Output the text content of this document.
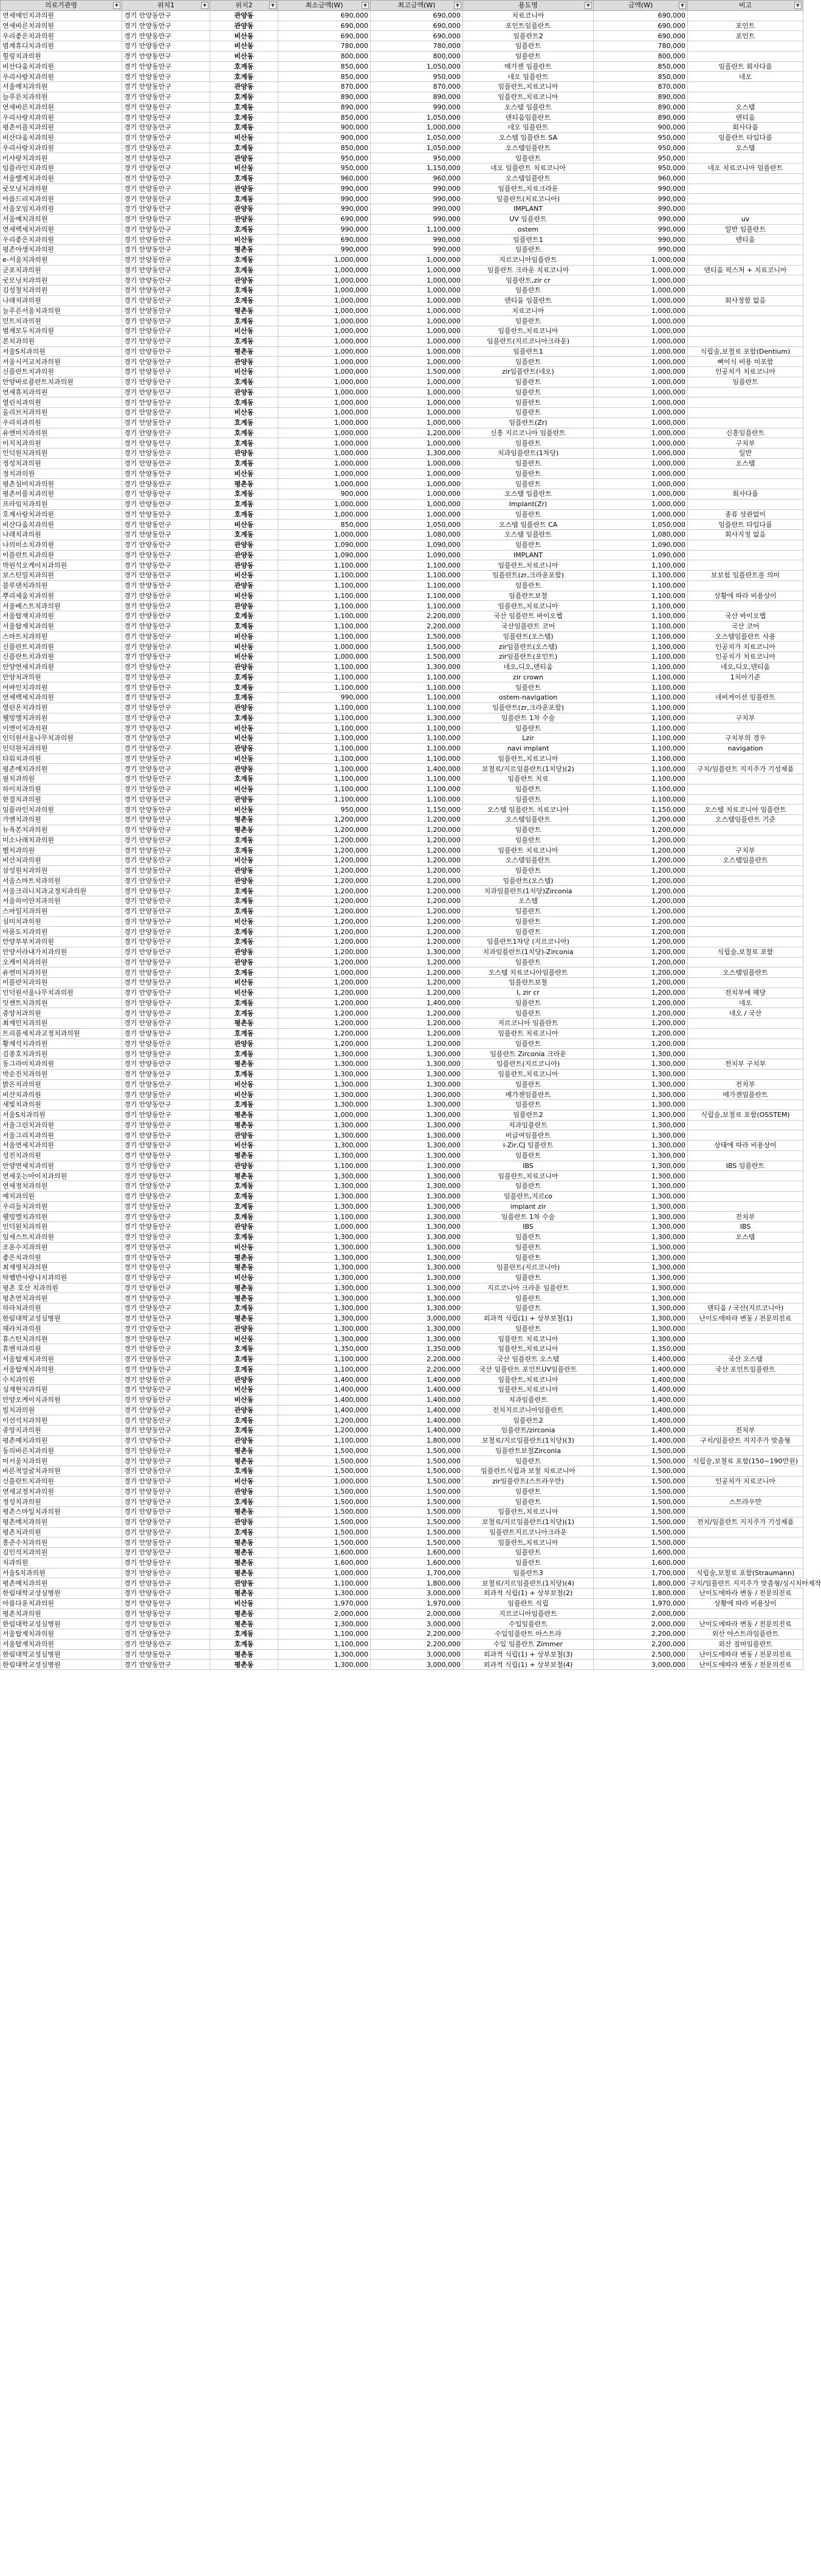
의료기관명 ▼	위치1 ▼	위치2 ▼	최소금액(W) ▼	최고금액(W) ▼	용도명 ▼	금액(W) ▼	비고 ▼

연세메인치과의원	경기 안양동안구	관양동	690,000	690,000	치료코니아	690,000	
연세바른치과의원	경기 안양동안구	관양동	690,000	690,000	포인트임플란트	690,000	포인트
우리좋은치과의원	경기 안양동안구	비산동	690,000	690,000	임플란트2	690,000	포인트
범계휴디치과의원	경기 안양동안구	비산동	780,000	780,000	임플란트	780,000	
힐링치과의원	경기 안양동안구	비산동	800,000	800,000	임플란트	800,000	
비산다움치과의원	경기 안양동안구	호계동	850,000	1,050,000	메가젠 임플란트	850,000	임플란트 회사다름
우리사랑치과의원	경기 안양동안구	호계동	850,000	950,000	네오 임플란트	850,000	네오
서울예치과의원	경기 안양동안구	관양동	870,000	870,000	임플란트,치료코니아	870,000	
늘푸른치과의원	경기 안양동안구	호계동	890,000	890,000	임플란트,치료코니아	890,000	
연세바른치과의원	경기 안양동안구	호계동	890,000	990,000	오스템 임플란트	890,000	오스템
우리사랑치과의원	경기 안양동안구	호계동	850,000	1,050,000	덴티움임플란트	890,000	덴티움
평촌이플치과의원	경기 안양동안구	호계동	900,000	1,000,000	네오 임플란트	900,000	회사다름
비산다움치과의원	경기 안양동안구	비산동	900,000	1,050,000	오스템 임플란트 SA	950,000	임플란트 타입다름
우리사랑치과의원	경기 안양동안구	호계동	850,000	1,050,000	오스템임플란트	950,000	오스템
이사랑치과의원	경기 안양동안구	관양동	950,000	950,000	임플란트	950,000	
임플라인치과의원	경기 안양동안구	비산동	950,000	1,150,000	네오 임플란트 치료코니아	950,000	네오 치료코니아 임플란트
서울밸게치과의원	경기 안양동안구	호계동	960,000	960,000	오스템임플란트	960,000	
굿모닝치과의원	경기 안양동안구	관양동	990,000	990,000	임플란트,치료크라운	990,000	
아름드리치과의원	경기 안양동안구	호계동	990,000	990,000	임플란트(치료코니아)	990,000	
서울모임치과의원	경기 안양동안구	관양동	990,000	990,000	IMPLANT	990,000	
서울예치과의원	경기 안양동안구	관양동	690,000	990,000	UV 임플란트	990,000	uv
연세백세치과의원	경기 안양동안구	호계동	990,000	1,100,000	ostem	990,000	일반 임플란트
우리좋은치과의원	경기 안양동안구	비산동	690,000	990,000	임플란트1	990,000	덴티움
평촌아생치과의원	경기 안양동안구	평촌동	990,000	990,000	임플란트	990,000	
e-서울치과의원	경기 안양동안구	호계동	1,000,000	1,000,000	지르코니아임플란트	1,000,000	
군포치과의원	경기 안양동안구	호계동	1,000,000	1,000,000	임플란트 크라운 치료코니아	1,000,000	덴티움 픽스처 + 치료코니아
굿모닝치과의원	경기 안양동안구	관양동	1,000,000	1,000,000	임플란트,zir cr	1,000,000	
김성철치과의원	경기 안양동안구	호계동	1,000,000	1,000,000	임플란트	1,000,000	
나래치과의원	경기 안양동안구	호계동	1,000,000	1,000,000	덴티움 임플란트	1,000,000	회사정함 없음
늘푸른서울치과의원	경기 안양동안구	평촌동	1,000,000	1,000,000	치료코니아	1,000,000	
민트치과의원	경기 안양동안구	호계동	1,000,000	1,000,000	임플란트	1,000,000	
범계모두치과의원	경기 안양동안구	비산동	1,000,000	1,000,000	임플란트,치료코니아	1,000,000	
본치과의원	경기 안양동안구	호계동	1,000,000	1,000,000	임플란트(지르코니아크라운)	1,000,000	
서울S치과의원	경기 안양동안구	평촌동	1,000,000	1,000,000	임플란트1	1,000,000	식립술,보철료 포함(Dentium)
서울시커교치과의원	경기 안양동안구	관양동	1,000,000	1,000,000	임플란트	1,000,000	뼈이식 비용 미포함
신플란트치과의원	경기 안양동안구	비산동	1,000,000	1,500,000	zir임플란트(네오)	1,000,000	인공치가 치료코니아
안양바로플란트치과의원	경기 안양동안구	호계동	1,000,000	1,000,000	임플란트	1,000,000	임플란트
연세휴치과의원	경기 안양동안구	관양동	1,000,000	1,000,000	임플란트	1,000,000	
열린치과의원	경기 안양동안구	호계동	1,000,000	1,000,000	임플란트	1,000,000	
올리브치과의원	경기 안양동안구	비산동	1,000,000	1,000,000	임플란트	1,000,000	
우리치과의원	경기 안양동안구	호계동	1,000,000	1,000,000	임플란트(Zr)	1,000,000	
유엔미치과의원	경기 안양동안구	호계동	1,000,000	1,200,000	신흥 지르코니아 임플란트	1,000,000	신흥임플란트
이지치과의원	경기 안양동안구	호계동	1,000,000	1,000,000	임플란트	1,000,000	구치부
인덕원치과의원	경기 안양동안구	관양동	1,000,000	1,300,000	치과임플란트(1차당)	1,000,000	일반
정성치과의원	경기 안양동안구	호계동	1,000,000	1,000,000	임플란트	1,000,000	오스템
정치과의원	경기 안양동안구	비산동	1,000,000	1,000,000	임플란트	1,000,000	
평촌심미치과의원	경기 안양동안구	평촌동	1,000,000	1,000,000	임플란트	1,000,000	
평촌이플치과의원	경기 안양동안구	호계동	900,000	1,000,000	오스템 임플란트	1,000,000	회사다름
프라임치과의원	경기 안양동안구	호계동	1,000,000	1,000,000	Implant(Zr)	1,000,000	
호계사랑치과의원	경기 안양동안구	호계동	1,000,000	1,000,000	임플란트	1,000,000	종류 상관없이
비산다움치과의원	경기 안양동안구	비산동	850,000	1,050,000	오스템 임플란트 CA	1,050,000	임플란트 타입다름
나래치과의원	경기 안양동안구	호계동	1,000,000	1,080,000	오스템 임플란트	1,080,000	회사지정 없음
나의미소치과의원	경기 안양동안구	관양동	1,090,000	1,090,000	임플란트	1,090,000	
이플란트치과의원	경기 안양동안구	관양동	1,090,000	1,090,000	IMPLANT	1,090,000	
박원석오케이치과의원	경기 안양동안구	관양동	1,100,000	1,100,000	임플란트,치료코니아	1,100,000	
보스턴밀치과의원	경기 안양동안구	비산동	1,100,000	1,100,000	임플란트(zr,크라운포함)	1,100,000	보보험 임플란트를 의미
블루덴치과의원	경기 안양동안구	관양동	1,100,000	1,100,000	임플란트	1,100,000	
뿌리세움치과의원	경기 안양동안구	비산동	1,100,000	1,100,000	임플란트보철	1,100,000	상황에 따라 비용상이
서울베스트치과의원	경기 안양동안구	관양동	1,100,000	1,100,000	임플란트,치료코니아	1,100,000	
서울탑재치과의원	경기 안양동안구	호계동	1,100,000	2,200,000	국산 임플란트 바이오헵	1,100,000	국산 바이오헵
서울탑재치과의원	경기 안양동안구	호계동	1,100,000	2,200,000	국산임플란트 코어	1,100,000	국산 코어
스마트치과의원	경기 안양동안구	비산동	1,100,000	1,500,000	임플란트(오스템)	1,100,000	오스템임플란트 사용
신플란트치과의원	경기 안양동안구	비산동	1,000,000	1,500,000	zir임플란트(오스템)	1,100,000	인공치가 치료코니아
신플란트치과의원	경기 안양동안구	비산동	1,000,000	1,500,000	zir임플란트(포인트)	1,100,000	인공치가 치료코니아
안양연세치과의원	경기 안양동안구	관양동	1,100,000	1,300,000	네오,디오,덴티움	1,100,000	네오,디오,덴티움
안양치과의원	경기 안양동안구	호계동	1,100,000	1,100,000	zir crown	1,100,000	1치아기준
어바인치과의원	경기 안양동안구	호계동	1,100,000	1,100,000	임플란트	1,100,000	
연세백세치과의원	경기 안양동안구	호계동	990,000	1,100,000	ostem-navigation	1,100,000	네비게이션 임플란트
열린온치과의원	경기 안양동안구	관양동	1,100,000	1,100,000	임플란트(zr,크라운포함)	1,100,000	
웰빙엘치과의원	경기 안양동안구	호계동	1,100,000	1,300,000	임플란트 1차 수술	1,100,000	구치부
이엔이치과의원	경기 안양동안구	비산동	1,100,000	1,100,000	임플란트	1,100,000	
인덕원서울나무치과의원	경기 안양동안구	비산동	1,100,000	1,100,000	Lzir	1,100,000	구치부의 경우
인덕원치과의원	경기 안양동안구	관양동	1,100,000	1,100,000	navi implant	1,100,000	navigation
타워치과의원	경기 안양동안구	비산동	1,100,000	1,100,000	임플란트,치료코니아	1,100,000	
평촌예치과의원	경기 안양동안구	관양동	1,100,000	1,400,000	보철료/지르임플란트(1치당)(2)	1,100,000	구치/임플란트 지지주가 기성제품
필치과의원	경기 안양동안구	호계동	1,100,000	1,100,000	임플란트 치료	1,100,000	
하이치과의원	경기 안양동안구	비산동	1,100,000	1,100,000	임플란트	1,100,000	
한결치과의원	경기 안양동안구	관양동	1,100,000	1,100,000	임플란트	1,100,000	
임플라인치과의원	경기 안양동안구	비산동	950,000	1,150,000	오스템 임플란트 치료코니아	1,150,000	오스템 치료코니아 임플란트
가엔치과의원	경기 안양동안구	평촌동	1,200,000	1,200,000	오스템임플란트	1,200,000	오스템임플란트 기준
뉴욕본치과의원	경기 안양동안구	평촌동	1,200,000	1,200,000	임플란트	1,200,000	
미소나래치과의원	경기 안양동안구	호계동	1,200,000	1,200,000	임플란트	1,200,000	
벨치과의원	경기 안양동안구	호계동	1,200,000	1,200,000	임플란트 치료코니아	1,200,000	구치부
비산치과의원	경기 안양동안구	비산동	1,200,000	1,200,000	오스템임플란트	1,200,000	오스템임플란트
삼성원치과의원	경기 안양동안구	관양동	1,200,000	1,200,000	임플란트	1,200,000	
서울스마트치과의원	경기 안양동안구	관양동	1,200,000	1,200,000	임플란트(오스템)	1,200,000	
서울크리니치과교정치과의원	경기 안양동안구	호계동	1,200,000	1,200,000	치과임플란트(1치당)Zirconia	1,200,000	
서울하이얀치과의원	경기 안양동안구	호계동	1,200,000	1,200,000	오스템	1,200,000	
스마일치과의원	경기 안양동안구	호계동	1,200,000	1,200,000	임플란트	1,200,000	
심미치과의원	경기 안양동안구	비산동	1,200,000	1,200,000	임플란트	1,200,000	
아륜도치과의원	경기 안양동안구	호계동	1,200,000	1,200,000	임플란트	1,200,000	
안양부부치과의원	경기 안양동안구	호계동	1,200,000	1,200,000	임플란트1차당 (지르코니아)	1,200,000	
안양서라내가치과의원	경기 안양동안구	관양동	1,200,000	1,300,000	치과임플란트(1치당)-Zirconia	1,200,000	식립술,보철료 포함
오케이치과의원	경기 안양동안구	관양동	1,200,000	1,200,000	임플란트	1,200,000	
유엔미치과의원	경기 안양동안구	호계동	1,000,000	1,200,000	오스템 치료코니아임플란트	1,200,000	오스템임플란트
이플란치과의원	경기 안양동안구	비산동	1,200,000	1,200,000	임플란트보철	1,200,000	
인덕원서울나무치과의원	경기 안양동안구	비산동	1,200,000	1,200,000	I, zir cr	1,200,000	전치부에 해당
잇센트치과의원	경기 안양동안구	호계동	1,200,000	1,400,000	임플란트	1,200,000	네오
중앙치과의원	경기 안양동안구	호계동	1,200,000	1,200,000	임플란트	1,200,000	네오 / 국산
최재민치과의원	경기 안양동안구	평촌동	1,200,000	1,200,000	지르코니아 임플란트	1,200,000	
트리플세치과교정치과의원	경기 안양동안구	호계동	1,200,000	1,200,000	임플란트 치료코니아	1,200,000	
황재석치과의원	경기 안양동안구	관양동	1,200,000	1,200,000	임플란트	1,200,000	
김종호치과의원	경기 안양동안구	호계동	1,300,000	1,300,000	임플란트 Zirconia 크라운	1,300,000	
동그라미치과의원	경기 안양동안구	평촌동	1,300,000	1,300,000	임플란트(지르코니아)	1,300,000	전치부 구치부
박순진치과의원	경기 안양동안구	호계동	1,300,000	1,300,000	임플란트,치료코니아	1,300,000	
밝은치과의원	경기 안양동안구	비산동	1,300,000	1,300,000	임플란트	1,300,000	전치부
비산치과의원	경기 안양동안구	비산동	1,300,000	1,300,000	메가젠임플란트	1,300,000	메가젠임플란트
새빛치과의원	경기 안양동안구	호계동	1,300,000	1,300,000	임플란트	1,300,000	
서울S치과의원	경기 안양동안구	평촌동	1,000,000	1,300,000	임플란트2	1,300,000	식립술,보철료 포함(OSSTEM)
서울그린치과의원	경기 안양동안구	평촌동	1,300,000	1,300,000	치과임플란트	1,300,000	
서울그리치과의원	경기 안양동안구	관양동	1,300,000	1,300,000	비급여임플란트	1,300,000	
서울연세치과의원	경기 안양동안구	비산동	1,300,000	1,300,000	i-Zir,CJ 임플란트	1,300,000	상태에 따라 비용상이
성진치과의원	경기 안양동안구	평촌동	1,300,000	1,300,000	임플란트	1,300,000	
안양연세치과의원	경기 안양동안구	관양동	1,100,000	1,300,000	IBS	1,300,000	IBS 임플란트
연세웃는아이치과의원	경기 안양동안구	평촌동	1,300,000	1,300,000	임플란트,치료코니아	1,300,000	
연세정치과의원	경기 안양동안구	호계동	1,300,000	1,300,000	임플란트	1,300,000	
예치과의원	경기 안양동안구	호계동	1,300,000	1,300,000	임플란트,지르co	1,300,000	
우리들치과의원	경기 안양동안구	호계동	1,300,000	1,300,000	implant zir	1,300,000	
웰빙엘치과의원	경기 안양동안구	호계동	1,100,000	1,300,000	임플란트 1차 수술	1,300,000	전치부
인덕원치과의원	경기 안양동안구	관양동	1,000,000	1,300,000	IBS	1,300,000	IBS
임세스트치과의원	경기 안양동안구	호계동	1,300,000	1,300,000	임플란트	1,300,000	오스템
조운수치과의원	경기 안양동안구	비산동	1,300,000	1,300,000	임플란트	1,300,000	
좋은치과의원	경기 안양동안구	평촌동	1,300,000	1,300,000	임플란트	1,300,000	
최재영치과의원	경기 안양동안구	평촌동	1,300,000	1,300,000	임플란트(지르코니아)	1,300,000	
탁쌤반사랑니치과의원	경기 안양동안구	비산동	1,300,000	1,300,000	임플란트	1,300,000	
평촌 호산 치과의원	경기 안양동안구	평촌동	1,300,000	1,300,000	지르코니아 크라운 임플란트	1,300,000	
평촌연치과의원	경기 안양동안구	평촌동	1,300,000	1,300,000	임플란트	1,300,000	
하라치과의원	경기 안양동안구	호계동	1,300,000	1,300,000	임플란트	1,300,000	덴티움 / 국산(지르코니아)
한림대학교성심병원	경기 안양동안구	평촌동	1,300,000	3,000,000	외과적 식립(1) + 상부보철(1)	1,300,000	난이도에따라 변동 / 전문의진료
헤라치과의원	경기 안양동안구	관양동	1,300,000	1,300,000	임플란트	1,300,000	
휴스턴치과의원	경기 안양동안구	비산동	1,300,000	1,300,000	임플란트 치료코니아	1,300,000	
휴엔치과의원	경기 안양동안구	호계동	1,350,000	1,350,000	임플란트,치료코니아	1,350,000	
서울탑재치과의원	경기 안양동안구	호계동	1,100,000	2,200,000	국산 임플란트 오스템	1,400,000	국산 오스템
서울탑재치과의원	경기 안양동안구	호계동	1,100,000	2,200,000	국산 임플란트 포인트UV임플란트	1,400,000	국산 포인트임플란트
수치과의원	경기 안양동안구	관양동	1,400,000	1,400,000	임플란트,치료코니아	1,400,000	
심재현치과의원	경기 안양동안구	비산동	1,400,000	1,400,000	임플란트,치료코니아	1,400,000	
안양오케이치과의원	경기 안양동안구	비산동	1,400,000	1,400,000	치과임플란트	1,400,000	
빌치과의원	경기 안양동안구	관양동	1,400,000	1,400,000	전치지르코니아임플란트	1,400,000	
이선석치과의원	경기 안양동안구	호계동	1,200,000	1,400,000	임플란트2	1,400,000	
중앙치과의원	경기 안양동안구	호계동	1,200,000	1,400,000	임플란트/zirconia	1,400,000	전치부
평촌예치과의원	경기 안양동안구	관양동	1,100,000	1,800,000	보철료/지르임플란트(1치당)(3)	1,400,000	구치/임플란트 지지주가 맞춤형
동의바른치과의원	경기 안양동안구	평촌동	1,500,000	1,500,000	임플란트보철Zirconia	1,500,000	
미서울치과의원	경기 안양동안구	평촌동	1,500,000	1,500,000	임플란트	1,500,000	식립술,보철료 포함(150~190만원)
바른척얼굴치과의원	경기 안양동안구	호계동	1,500,000	1,500,000	임플란트식립과 보철 치료코니아	1,500,000	
신플란트치과의원	경기 안양동안구	비산동	1,000,000	1,500,000	zir임플란트(스트라우만)	1,500,000	인공치가 치료코니아
연세교정치과의원	경기 안양동안구	관양동	1,500,000	1,500,000	임플란트	1,500,000	
정성치과의원	경기 안양동안구	호계동	1,500,000	1,500,000	임플란트	1,500,000	스트라우만
평촌스마일치과의원	경기 안양동안구	평촌동	1,500,000	1,500,000	임플란트,치료코니아	1,500,000	
평촌예치과의원	경기 안양동안구	관양동	1,500,000	1,500,000	보철료/지르임플란트(1치당)(1)	1,500,000	전치/임플란트 지지주가 기성제품
평촌치과의원	경기 안양동안구	호계동	1,500,000	1,500,000	임플란트지르코니아크라운	1,500,000	
흥준수치과의원	경기 안양동안구	평촌동	1,500,000	1,500,000	임플란트,치료코니아	1,500,000	
김인석치과의원	경기 안양동안구	평촌동	1,600,000	1,600,000	임플란트	1,600,000	
치과의원	경기 안양동안구	평촌동	1,600,000	1,600,000	임플란트	1,600,000	
서울S치과의원	경기 안양동안구	평촌동	1,000,000	1,700,000	임플란트3	1,700,000	식립술,보철료 포함(Straumann)
평촌예치과의원	경기 안양동안구	관양동	1,100,000	1,800,000	보철료/지르임플란트(1치당)(4)	1,800,000	구치/임플란트 지지주가 맞춤형/싱시치아제작
한림대학교성심병원	경기 안양동안구	평촌동	1,300,000	3,000,000	외과적 식립(1) + 상부보철(2)	1,800,000	난이도에따라 변동 / 전문의진료
아름다운치과의원	경기 안양동안구	비산동	1,970,000	1,970,000	임플란트 식립	1,970,000	상황에 따라 비용상이
평촌치과의원	경기 안양동안구	평촌동	2,000,000	2,000,000	지르코니아임플란트	2,000,000	
한림대학교성심병원	경기 안양동안구	평촌동	1,300,000	3,000,000	수입임플란트	2,000,000	난이도에따라 변동 / 전문의진료
서울탑재치과의원	경기 안양동안구	호계동	1,100,000	2,200,000	수입임플란트 아스트라	2,200,000	외산 아스트라임플란트
서울탑재치과의원	경기 안양동안구	호계동	1,100,000	2,200,000	수입 임플란트 Zimmer	2,200,000	외산 짐머임플란트
한림대학교성심병원	경기 안양동안구	평촌동	1,300,000	3,000,000	외과적 식립(1) + 상부보철(3)	2,500,000	난이도에따라 변동 / 전문의진료
한림대학교성심병원	경기 안양동안구	평촌동	1,300,000	3,000,000	외과적 식립(1) + 상부보철(4)	3,000,000	난이도에따라 변동 / 전문의진료
